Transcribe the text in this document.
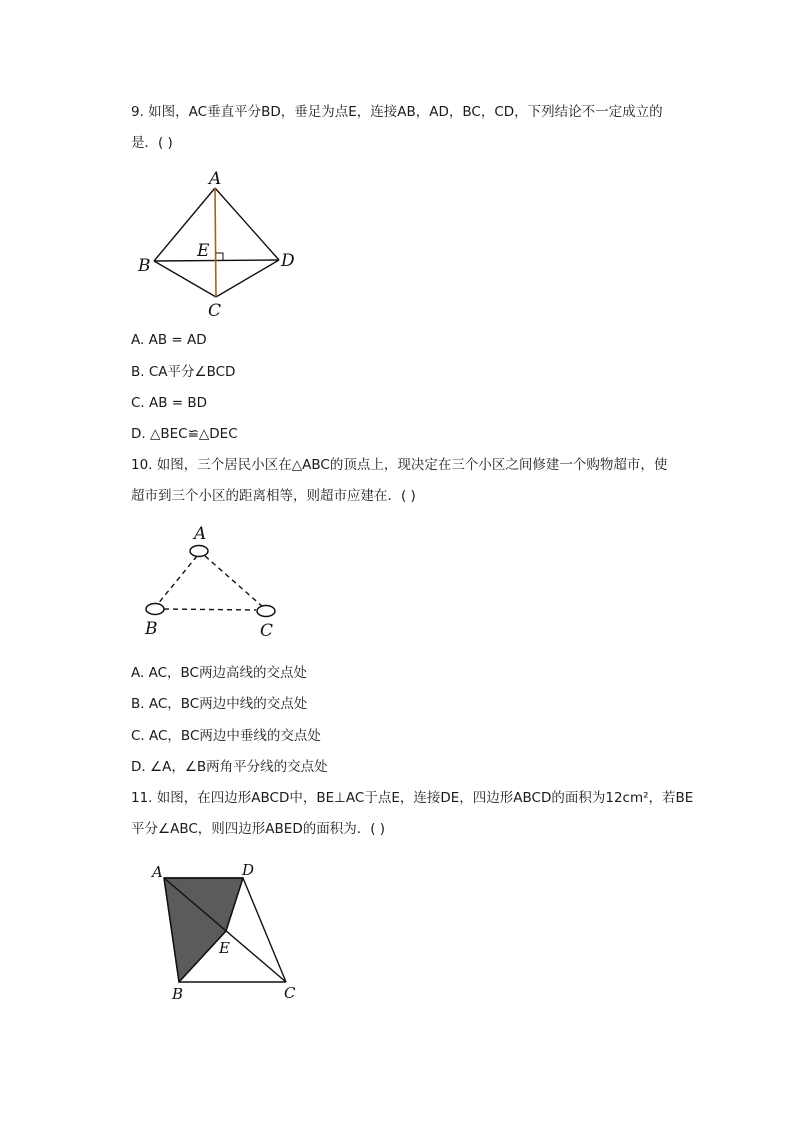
9. 如图，AC垂直平分BD，垂足为点E，连接AB，AD，BC，CD，下列结论不一定成立的
是．( )
A
B
C
D
E
A. AB = AD
B. CA平分∠BCD
C. AB = BD
D. △BEC≌△DEC
10. 如图，三个居民小区在△ABC的顶点上，现决定在三个小区之间修建一个购物超市，使
超市到三个小区的距离相等，则超市应建在．( )
A
B	C
A. AC，BC两边高线的交点处
B. AC，BC两边中线的交点处
C. AC，BC两边中垂线的交点处
D. ∠A，∠B两角平分线的交点处
11. 如图，在四边形ABCD中，BE⊥AC于点E，连接DE，四边形ABCD的面积为12cm²，若BE
平分∠ABC，则四边形ABED的面积为．( )
A	D
E
B	C
